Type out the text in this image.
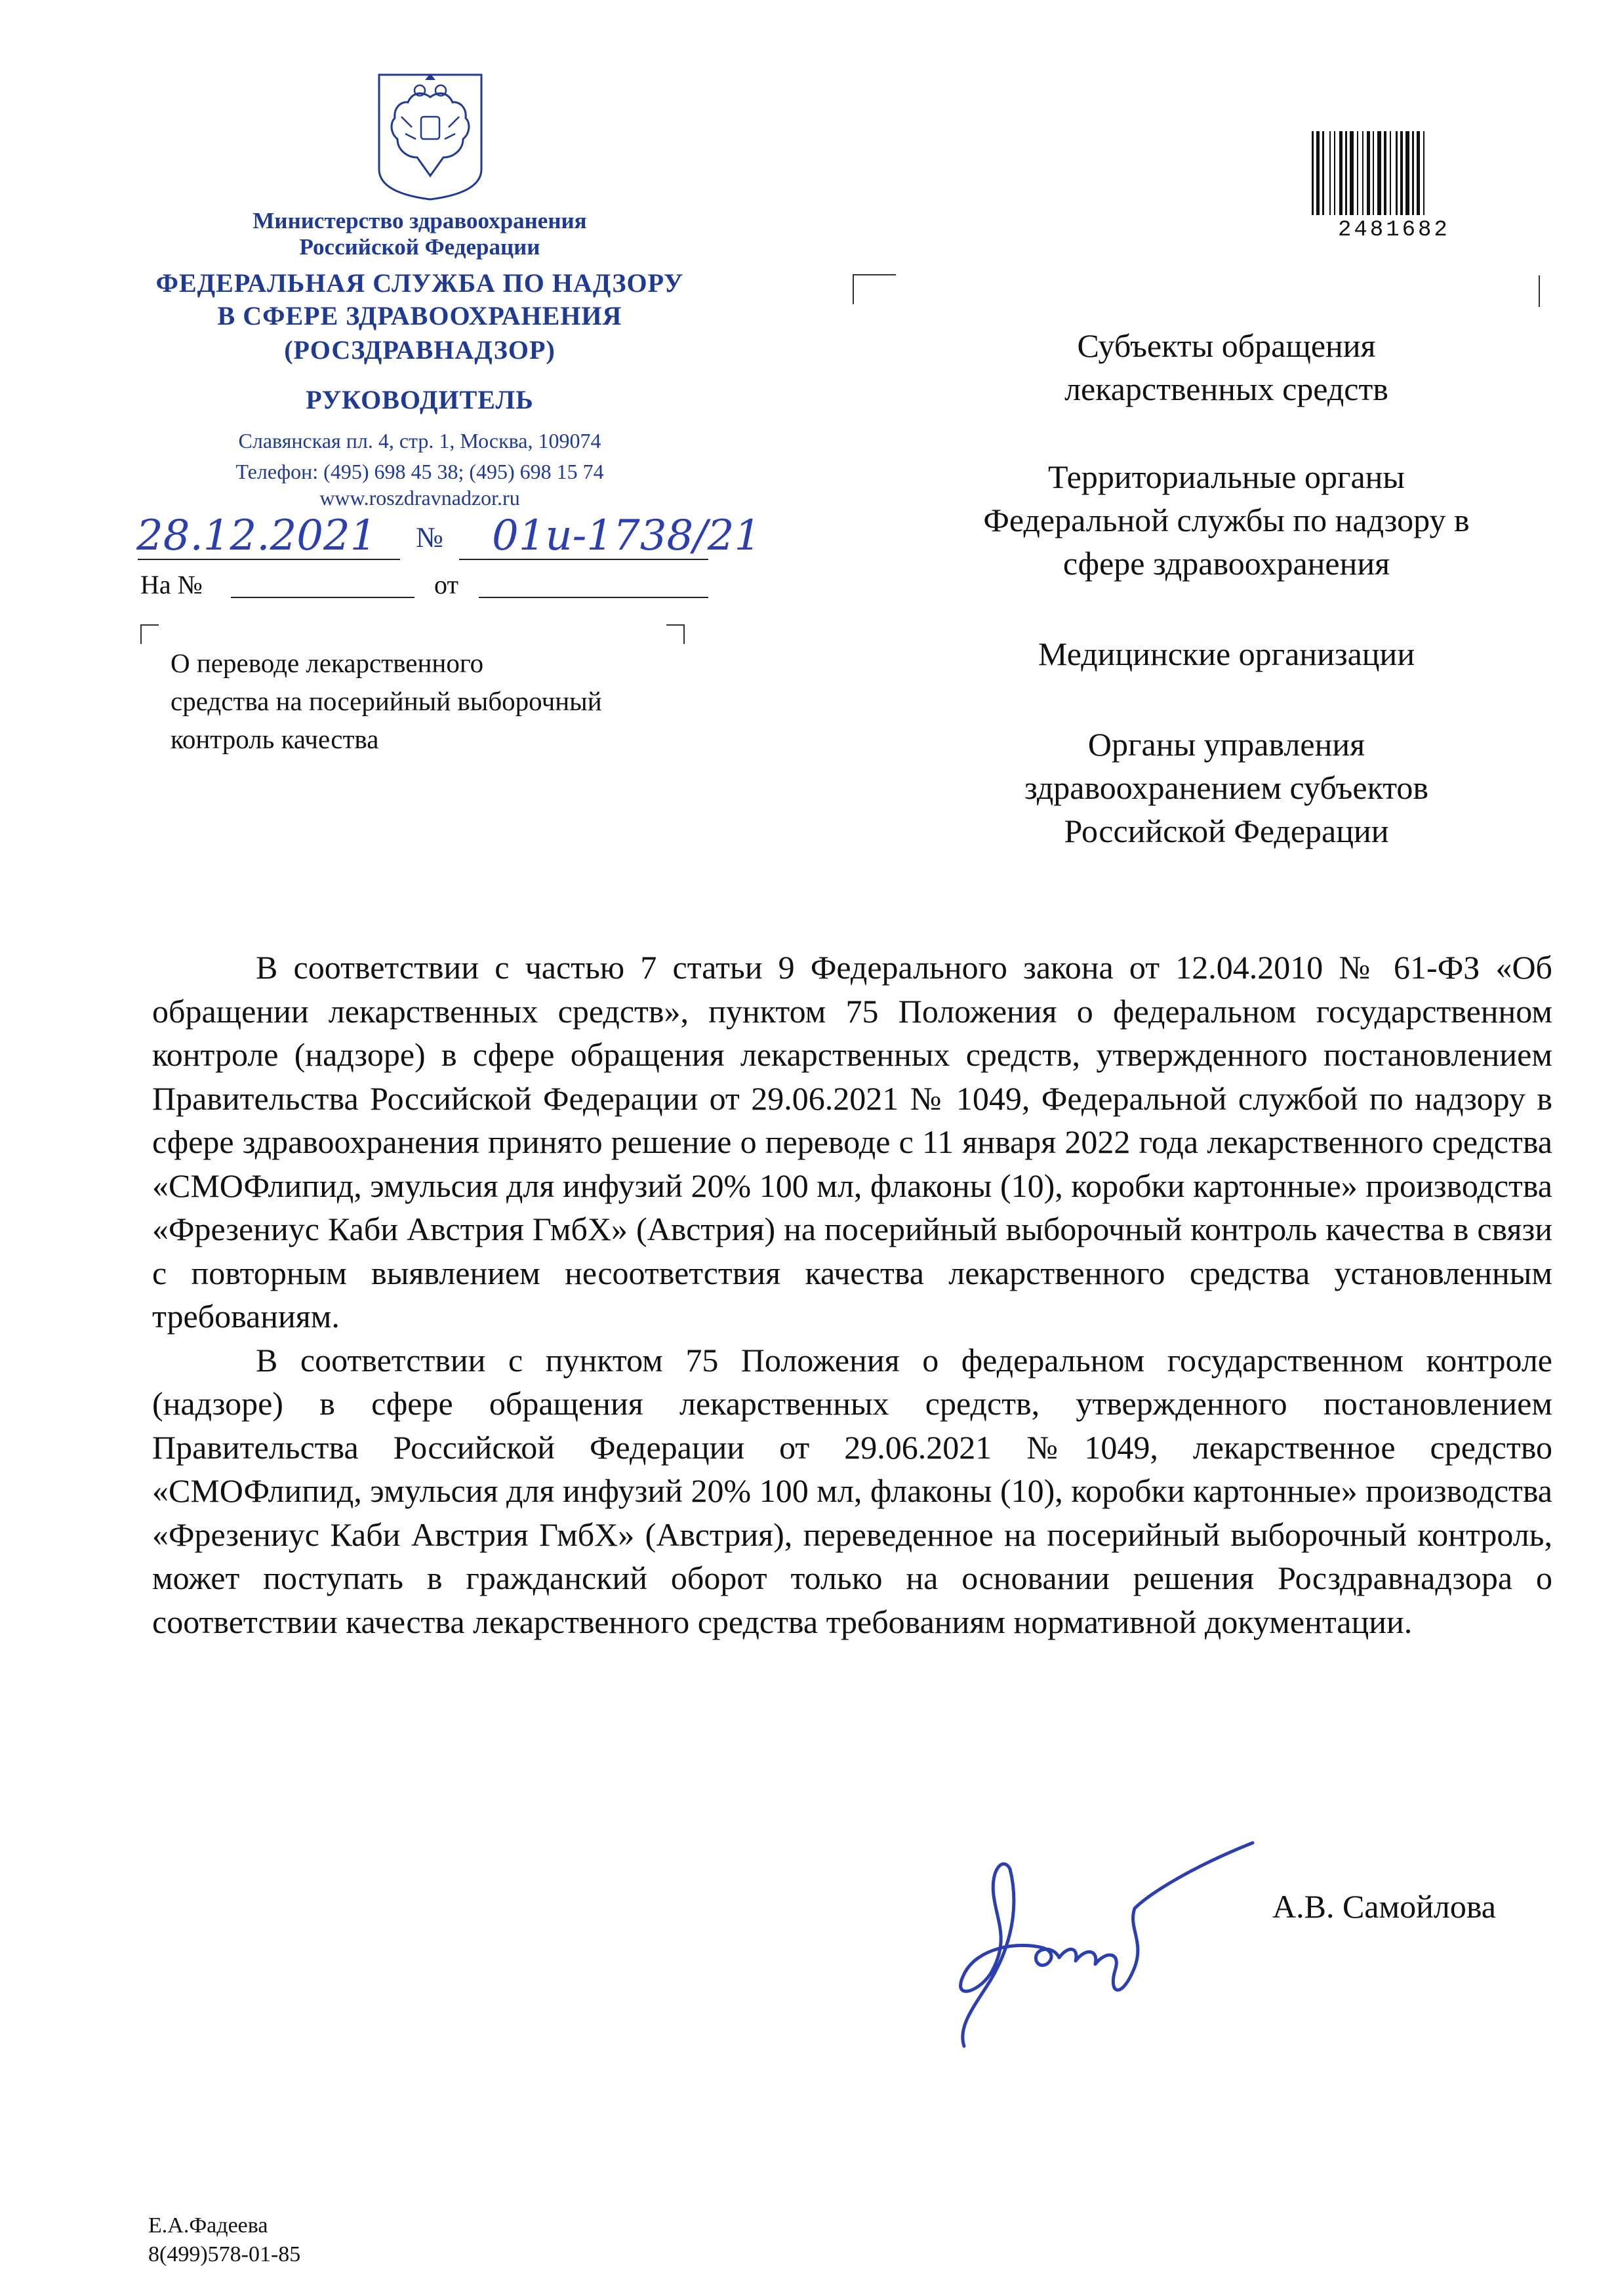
Министерство здравоохранения
Российской Федерации
ФЕДЕРАЛЬНАЯ СЛУЖБА ПО НАДЗОРУ
В СФЕРЕ ЗДРАВООХРАНЕНИЯ
(РОСЗДРАВНАДЗОР)
РУКОВОДИТЕЛЬ
Славянская пл. 4, стр. 1, Москва, 109074
Телефон: (495) 698 45 38; (495) 698 15 74
www.roszdravnadzor.ru
28.12.2021 № 01и-1738/21
На №	от
О переводе лекарственного
средства на посерийный выборочный
контроль качества
2481682
Субъекты обращения
лекарственных средств
Территориальные органы
Федеральной службы по надзору в
сфере здравоохранения
Медицинские организации
Органы управления
здравоохранением субъектов
Российской Федерации

В соответствии с частью 7 статьи 9 Федерального закона от 12.04.2010 № 61-ФЗ «Об обращении лекарственных средств», пунктом 75 Положения о федеральном государственном контроле (надзоре) в сфере обращения лекарственных средств, утвержденного постановлением Правительства Российской Федерации от 29.06.2021 № 1049, Федеральной службой по надзору в сфере здравоохранения принято решение о переводе с 11 января 2022 года лекарственного средства «СМОФлипид, эмульсия для инфузий 20% 100 мл, флаконы (10), коробки картонные» производства «Фрезениус Каби Австрия ГмбХ» (Австрия) на посерийный выборочный контроль качества в связи с повторным выявлением несоответствия качества лекарственного средства установленным требованиям.

В соответствии с пунктом 75 Положения о федеральном государственном контроле (надзоре) в сфере обращения лекарственных средств, утвержденного постановлением Правительства Российской Федерации от 29.06.2021 №1049, лекарственное средство «СМОФлипид, эмульсия для инфузий 20% 100 мл, флаконы (10), коробки картонные» производства «Фрезениус Каби Австрия ГмбХ» (Австрия), переведенное на посерийный выборочный контроль, может поступать в гражданский оборот только на основании решения Росздравнадзора о соответствии качества лекарственного средства требованиям нормативной документации.

А.В. Самойлова
Е.А.Фадеева
8(499)578-01-85
